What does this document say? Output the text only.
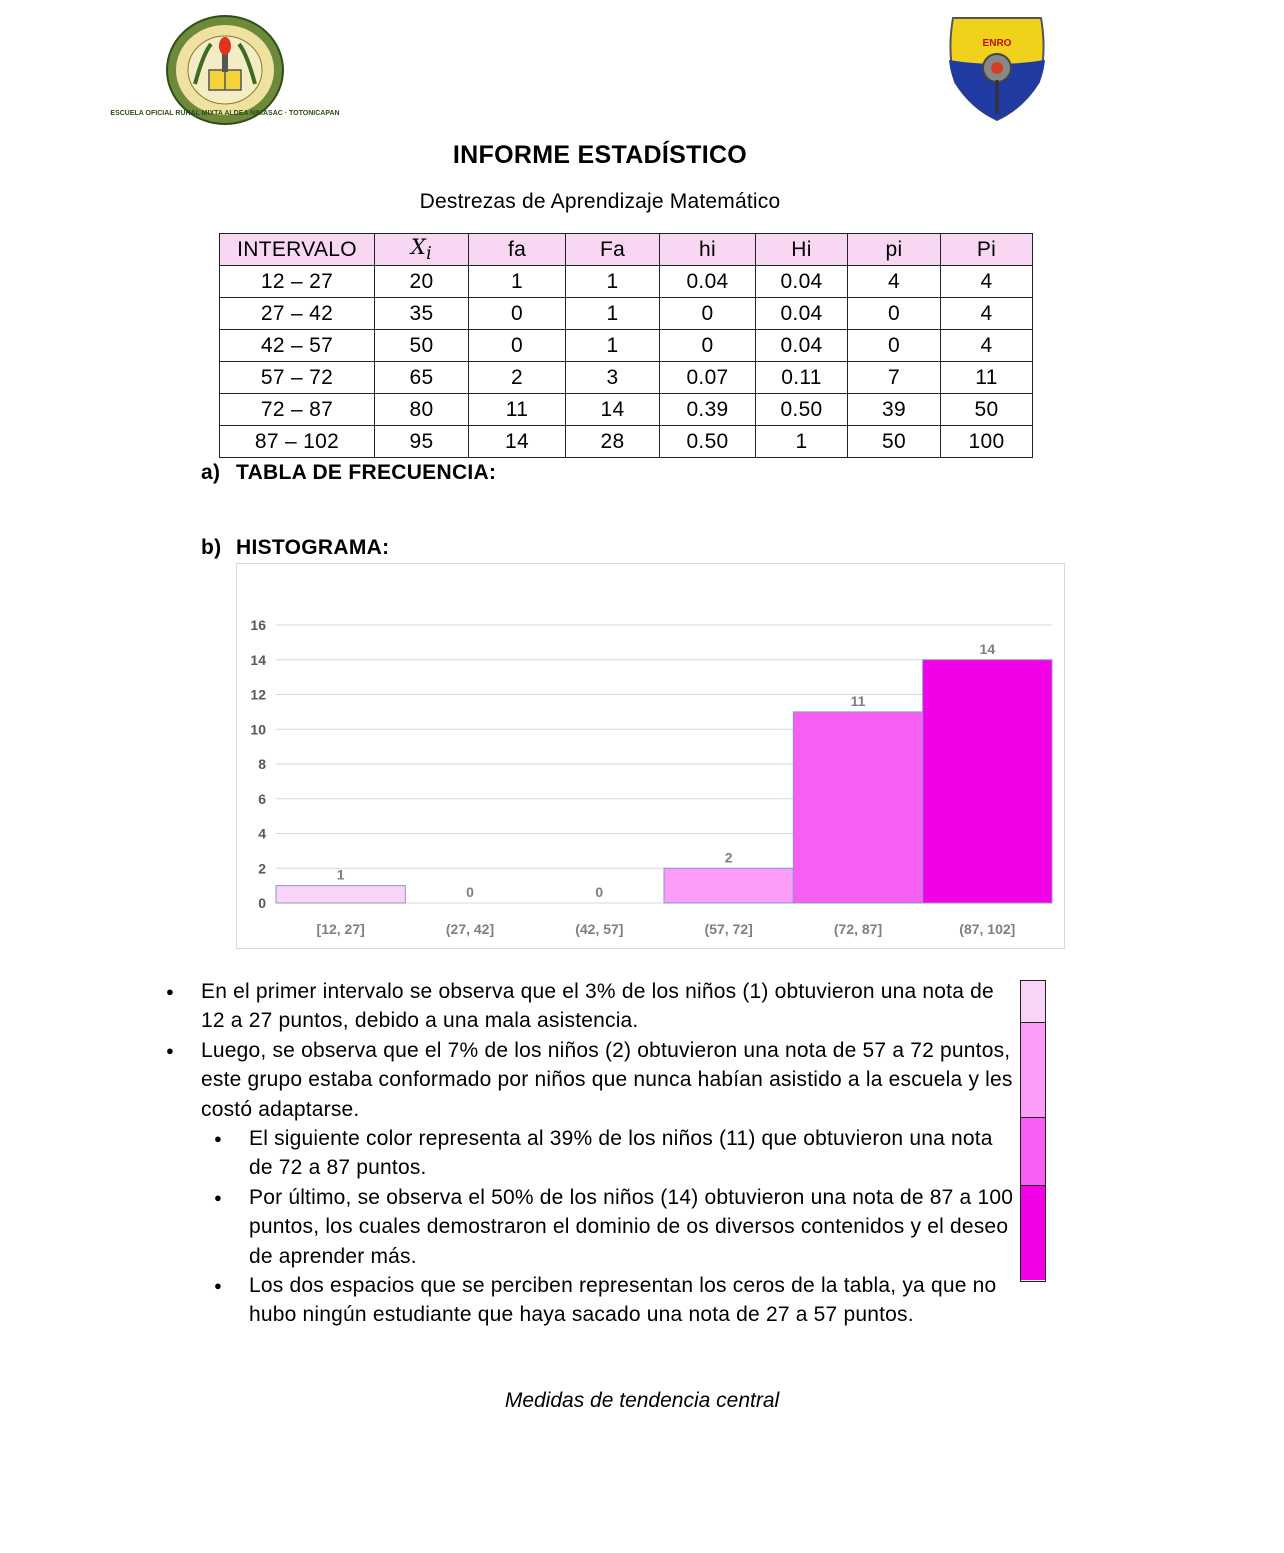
ESCUELA OFICIAL RURAL MIXTA ALDEA NIMASAC · TOTONICAPAN
ENRO
INFORME ESTADÍSTICO
Destrezas de Aprendizaje Matemático
INTERVALO	$X_i$	fa	Fa	hi	Hi	pi	Pi
12 – 27	20	1	1	0.04	0.04	4	4
27 – 42	35	0	1	0	0.04	0	4
42 – 57	50	0	1	0	0.04	0	4
57 – 72	65	2	3	0.07	0.11	7	11
72 – 87	80	11	14	0.39	0.50	39	50
87 – 102	95	14	28	0.50	1	50	100
a) TABLA DE FRECUENCIA:
b) HISTOGRAMA:
0
2
4
6
8
10
12
14
16
1
[12, 27]
0
(27, 42]
0
(42, 57]
2
(57, 72]
11
(72, 87]
14
(87, 102]
● En el primer intervalo se observa que el 3% de los niños (1) obtuvieron una nota de 12 a 27 puntos, debido a una mala asistencia.
● Luego, se observa que el 7% de los niños (2) obtuvieron una nota de 57 a 72 puntos, este grupo estaba conformado por niños que nunca habían asistido a la escuela y les costó adaptarse.
● El siguiente color representa al 39% de los niños (11) que obtuvieron una nota de 72 a 87 puntos.
● Por último, se observa el 50% de los niños (14) obtuvieron una nota de 87 a 100 puntos, los cuales demostraron el dominio de os diversos contenidos y el deseo de aprender más.
● Los dos espacios que se perciben representan los ceros de la tabla, ya que no hubo ningún estudiante que haya sacado una nota de 27 a 57 puntos.
Medidas de tendencia central
